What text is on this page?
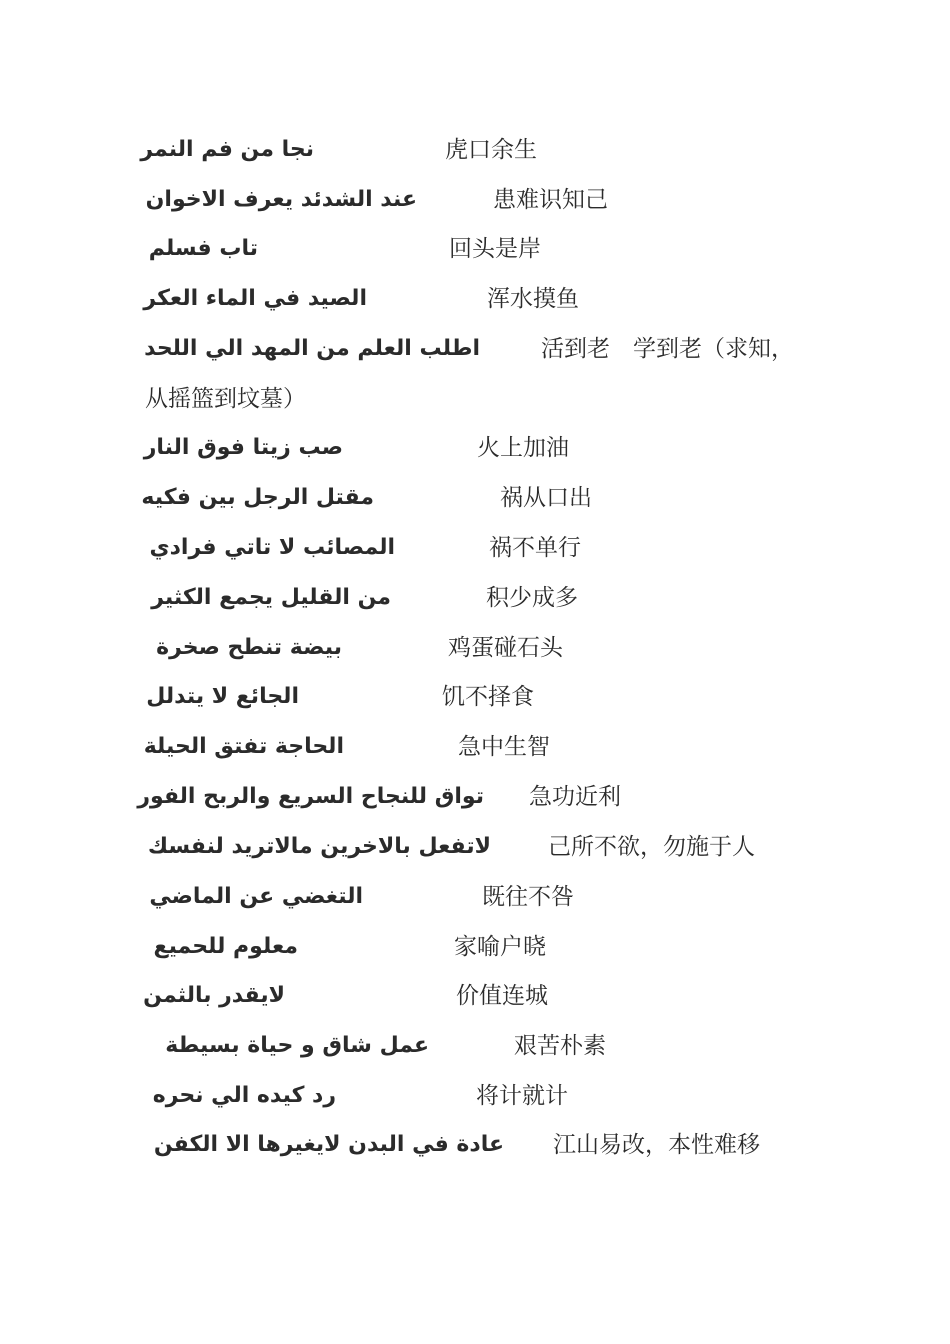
نجا من فم النمر	虎口余生
عند الشدئد يعرف الاخوان	患难识知己
تاب فسلم	回头是岸
الصيد في الماء العكر	浑水摸鱼
اطلب العلم من المهد الي اللحد	活到老　学到老（求知，
从摇篮到坟墓）
صب زيتا فوق النار	火上加油
مقتل الرجل بين فكيه	祸从口出
المصائب لا تاتي فرادي	祸不单行
من القليل يجمع الكثير	积少成多
بيضة تنطح صخرة	鸡蛋碰石头
الجائع لا يتدلل	饥不择食
الحاجة تفتق الحيلة	急中生智
تواق للنجاح السريع والربح الفور 急功近利
لاتفعل بالاخرين مالاتريد لنفسك 己所不欲，勿施于人
التغضي عن الماضي	既往不咎
معلوم للحميع	家喻户晓
لايقدر بالثمن	价值连城
عمل شاق و حياة بسيطة	艰苦朴素
رد كيده الي نحره	将计就计
عادة في البدن لايغيرها الا الكفن 江山易改，本性难移
